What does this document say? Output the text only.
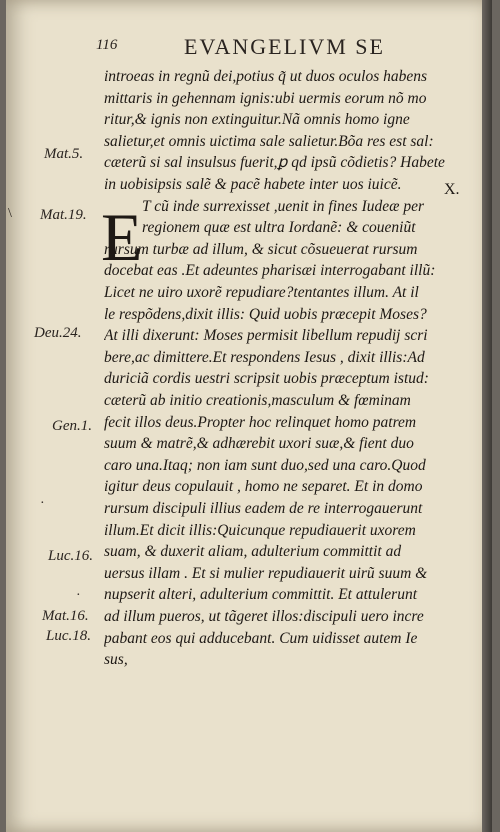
116	EVANGELIVM SE
Mat.5.
Mat.19.
Deu.24.
Gen.1.
Luc.16.
Mat.16.
Luc.18.
E
X.
introeas in regnũ dei,potius q̃ ut duos oculos habens
mittaris in gehennam ignis:ubi uermis eorum nõ mo
ritur,& ignis non extinguitur.Nã omnis homo igne
salietur,et omnis uictima sale salietur.Bõa res est sal:
cæterũ si sal insulsus fuerit,ꝑ qd ipsũ cõdietis? Habete
in uobisipsis salẽ & pacẽ habete inter uos iuicẽ.
T cũ inde surrexisset ,uenit in fines Iudeæ per
regionem quæ est ultra Iordanẽ: & coueniũt
rursum turbæ ad illum, & sicut cõsueuerat rursum
docebat eas .Et adeuntes pharisæi interrogabant illũ:
Licet ne uiro uxorẽ repudiare?tentantes illum. At il
le respõdens,dixit illis: Quid uobis præcepit Moses?
At illi dixerunt: Moses permisit libellum repudij scri
bere,ac dimittere.Et respondens Iesus , dixit illis:Ad
duriciã cordis uestri scripsit uobis præceptum istud:
cæterũ ab initio creationis,masculum & fœminam
fecit illos deus.Propter hoc relinquet homo patrem
suum & matrẽ,& adhærebit uxori suæ,& fient duo
caro una.Itaq; non iam sunt duo,sed una caro.Quod
igitur deus copulauit , homo ne separet. Et in domo
rursum discipuli illius eadem de re interrogauerunt
illum.Et dicit illis:Quicunque repudiauerit uxorem
suam, & duxerit aliam, adulterium committit ad
uersus illam . Et si mulier repudiauerit uirũ suum &
nupserit alteri, adulterium committit. Et attulerunt
ad illum pueros, ut tãgeret illos:discipuli uero incre
pabant eos qui adducebant. Cum uidisset autem Ie
sus,
\
·
·
